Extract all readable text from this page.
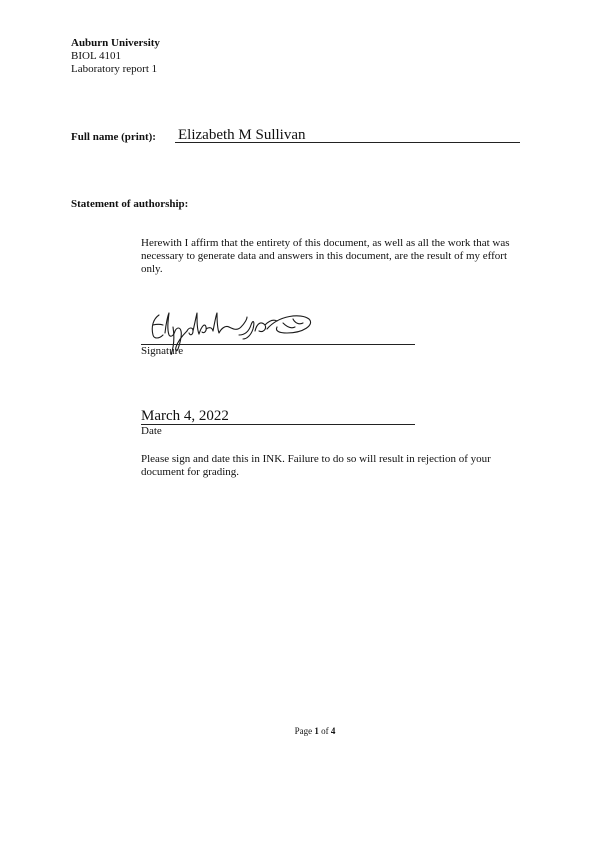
Auburn University
BIOL 4101
Laboratory report 1
Full name (print): Elizabeth M Sullivan
Statement of authorship:
Herewith I affirm that the entirety of this document, as well as all the work that was necessary to generate data and answers in this document, are the result of my effort only.
Signature
March 4, 2022
Date
Please sign and date this in INK. Failure to do so will result in rejection of your document for grading.
Page 1 of 4
